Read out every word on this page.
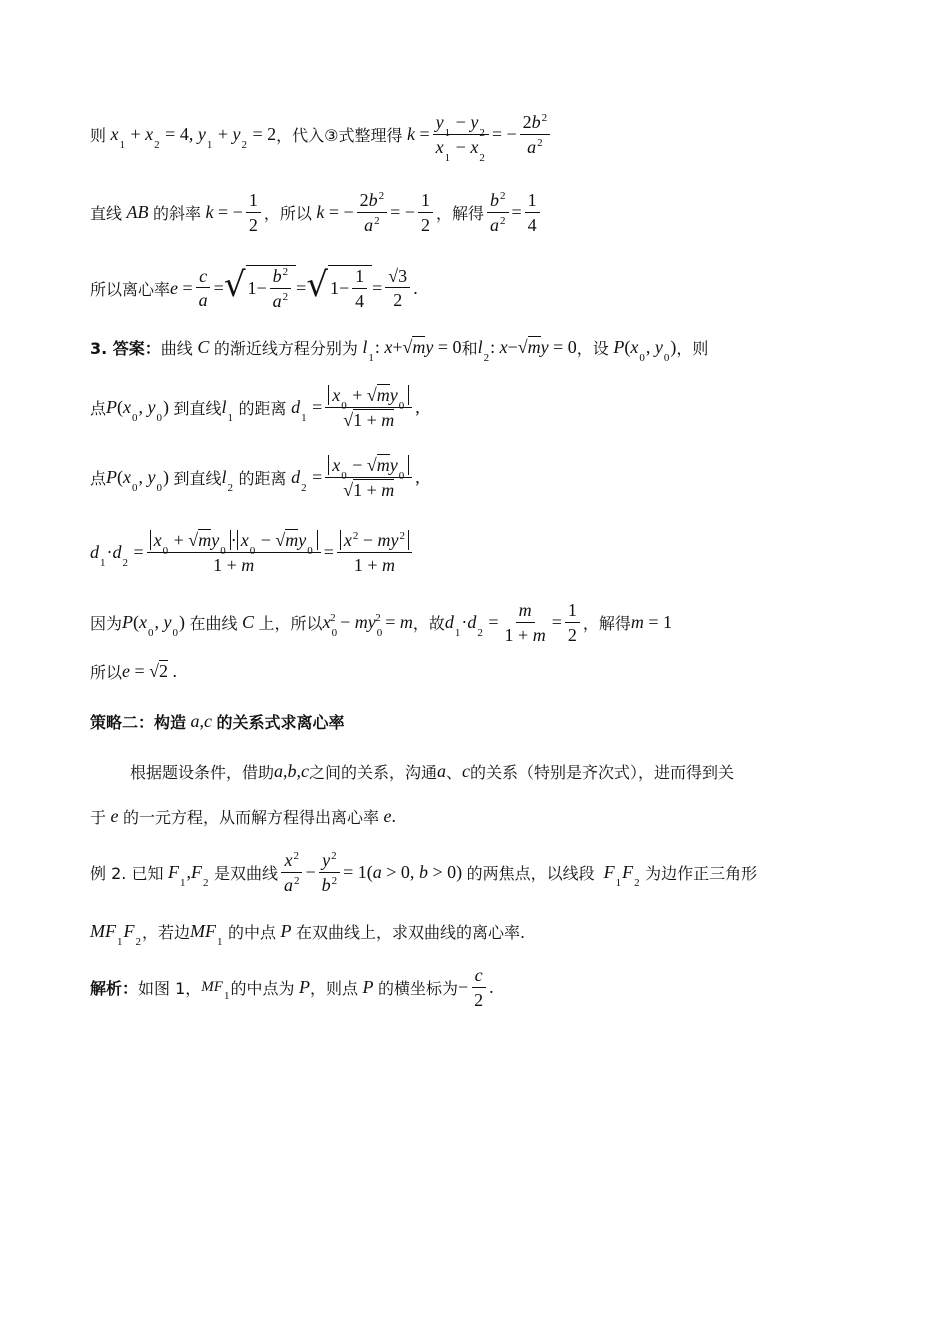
则 $x_1 + x_2 = 4$, $y_1 + y_2 = 2$ ，代入③式整理得 $k = \frac{y_1 - y_2}{x_1 - x_2}$ = − $\frac{2b^2}{a^2}$
直线 AB 的斜率 k = − $\frac{1}{2}$ ，所以 k = − $\frac{2b^2}{a^2}$ = − $\frac{1}{2}$ ，解得 $\frac{b^2}{a^2} = \frac{1}{4}$
所以离心率 $e = \frac{c}{a}$ = √ $1- \frac{b^2}{a^2}$ = √ $1- \frac{1}{4} = \frac{√3}{2}$ .
3. 答案： 曲线 C 的渐近线方程分别为 $l_1$: x+√my = 0 和 $l_2$: x−√my = 0 ，设 $P(x_0$, $y_0$) ，则
点 $P(x_0$, $y_0$) 到直线 $l_1$ 的距离 $d_1 = \frac{x_0 + √my_0}{√1 + m}$ ,
点 $P(x_0$, $y_0$) 到直线 $l_2$ 的距离 $d_2 = \frac{x_0 - √my_0}{√1 + m}$ ,
$d_1\cdot d_2 = \frac{x_0 + √my_0\cdot x_0 - √my_0}{1 + m} = \frac{x^2 - my^2}{1 + m}$
因为 $P(x_0$, $y_0$) 在曲线 C 上，所以 $x_0^2 - my_0^2 = m$ ，故 $d_1\cdot d_2 = \frac{m}{1 + m} = \frac{1}{2}$ ，解得 m = 1
所以 e = √2 .
策略二：构造 a,c 的关系式求离心率
根据题设条件，借助 a,b,c 之间的关系，沟通 a 、 c 的关系（特别是齐次式），进而得到关
于 e 的一元方程，从而解方程得出离心率 e.
例 2. 已知 $F_1,F_2$ 是双曲线 $\frac{x^2}{a^2} - \frac{y^2}{b^2} = 1(a > 0$, b > 0) 的两焦点，以线段 $F_1F_2$ 为边作正三角形
$MF_1F_2$ ，若边 $MF_1$ 的中点 P 在双曲线上，求双曲线的离心率.
解析： 如图 1， $MF_1$ 的中点为 P ，则点 P 的横坐标为 − $\frac{c}{2}$ .
